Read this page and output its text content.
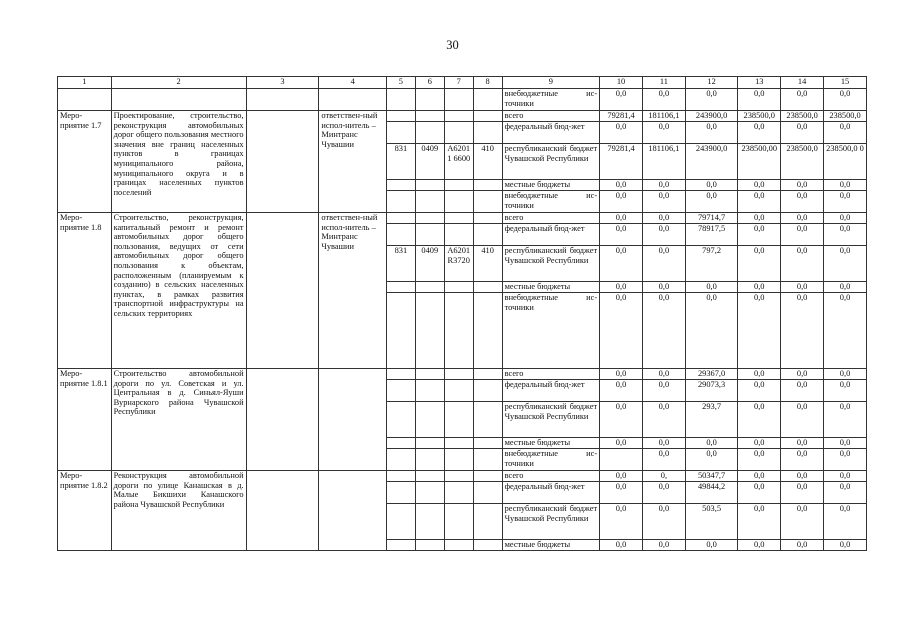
30
1	2	3	4	5	6	7	8	9	10	11	12	13	14	15
								внебюджетные ис-точники	0,0	0,0	0,0	0,0	0,0	0,0
Меро-приятие 1.7	Проектирование, строительство, реконструкция автомобильных дорог общего пользования местного значения вне границ населенных пунктов в границах муниципального района, муниципального округа и в границах населенных пунктов поселений		ответствен-ный испол-нитель – Минтранс Чувашии					всего	79281,4	181106,1	243900,0	238500,0	238500,0	238500,0
								федеральный бюд-жет	0,0	0,0	0,0	0,0	0,0	0,0
				831	0409	A62011 6600	410	республиканский бюджет Чувашской Республики	79281,4	181106,1	243900,0	238500,00	238500,0	238500,0 0
								местные бюджеты	0,0	0,0	0,0	0,0	0,0	0,0
								внебюджетные ис-точники	0,0	0,0	0,0	0,0	0,0	0,0
Меро-приятие 1.8	Строительство, реконструкция, капитальный ремонт и ремонт автомобильных дорог общего пользования, ведущих от сети автомобильных дорог общего пользования к объектам, расположенным (планируемым к созданию) в сельских населенных пунктах, в рамках развития транспортной инфраструктуры на сельских территориях		ответствен-ный испол-нитель – Минтранс Чувашии					всего	0,0	0,0	79714,7	0,0	0,0	0,0
								федеральный бюд-жет	0,0	0,0	78917,5	0,0	0,0	0,0
				831	0409	A6201 R3720	410	республиканский бюджет Чувашской Республики	0,0	0,0	797,2	0,0	0,0	0,0
								местные бюджеты	0,0	0,0	0,0	0,0	0,0	0,0
								внебюджетные ис-точники	0,0	0,0	0,0	0,0	0,0	0,0
Меро-приятие 1.8.1	Строительство автомобильной дороги по ул. Советская и ул. Центральная в д. Синьял-Яуши Вурнарского района Чувашской Республики							всего	0,0	0,0	29367,0	0,0	0,0	0,0
								федеральный бюд-жет	0,0	0,0	29073,3	0,0	0,0	0,0
								республиканский бюджет Чувашской Республики	0,0	0,0	293,7	0,0	0,0	0,0
								местные бюджеты	0,0	0,0	0,0	0,0	0,0	0,0
								внебюджетные ис-точники		0,0	0,0	0,0	0,0	0,0
Меро-приятие 1.8.2	Реконструкция автомобильной дороги по улице Канашская в д. Малые Бикшихи Канашского района Чувашской Республики							всего	0,0	0,	50347,7	0,0	0,0	0,0
								федеральный бюд-жет	0,0	0,0	49844,2	0,0	0,0	0,0
								республиканский бюджет Чувашской Республики	0,0	0,0	503,5	0,0	0,0	0,0
								местные бюджеты	0,0	0,0	0,0	0,0	0,0	0,0
